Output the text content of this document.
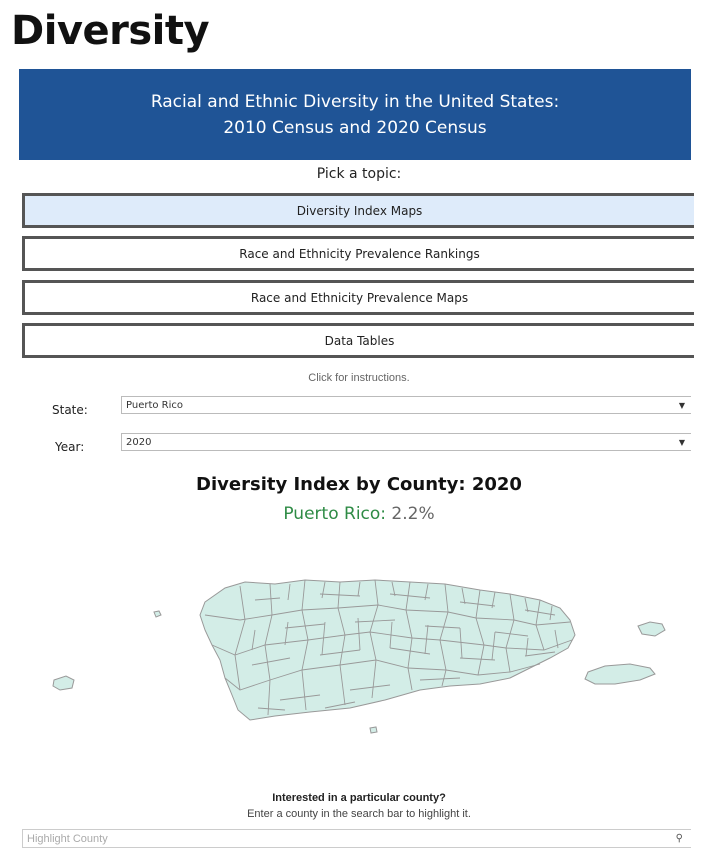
Diversity
Racial and Ethnic Diversity in the United States:
2010 Census and 2020 Census
Pick a topic:
Diversity Index Maps
Race and Ethnicity Prevalence Rankings
Race and Ethnicity Prevalence Maps
Data Tables
Click for instructions.
State:	Puerto Rico	▼
Year:	2020	▼
Diversity Index by County: 2020
Puerto Rico: 2.2%
Interested in a particular county?
Enter a county in the search bar to highlight it.
Highlight County	⚲
